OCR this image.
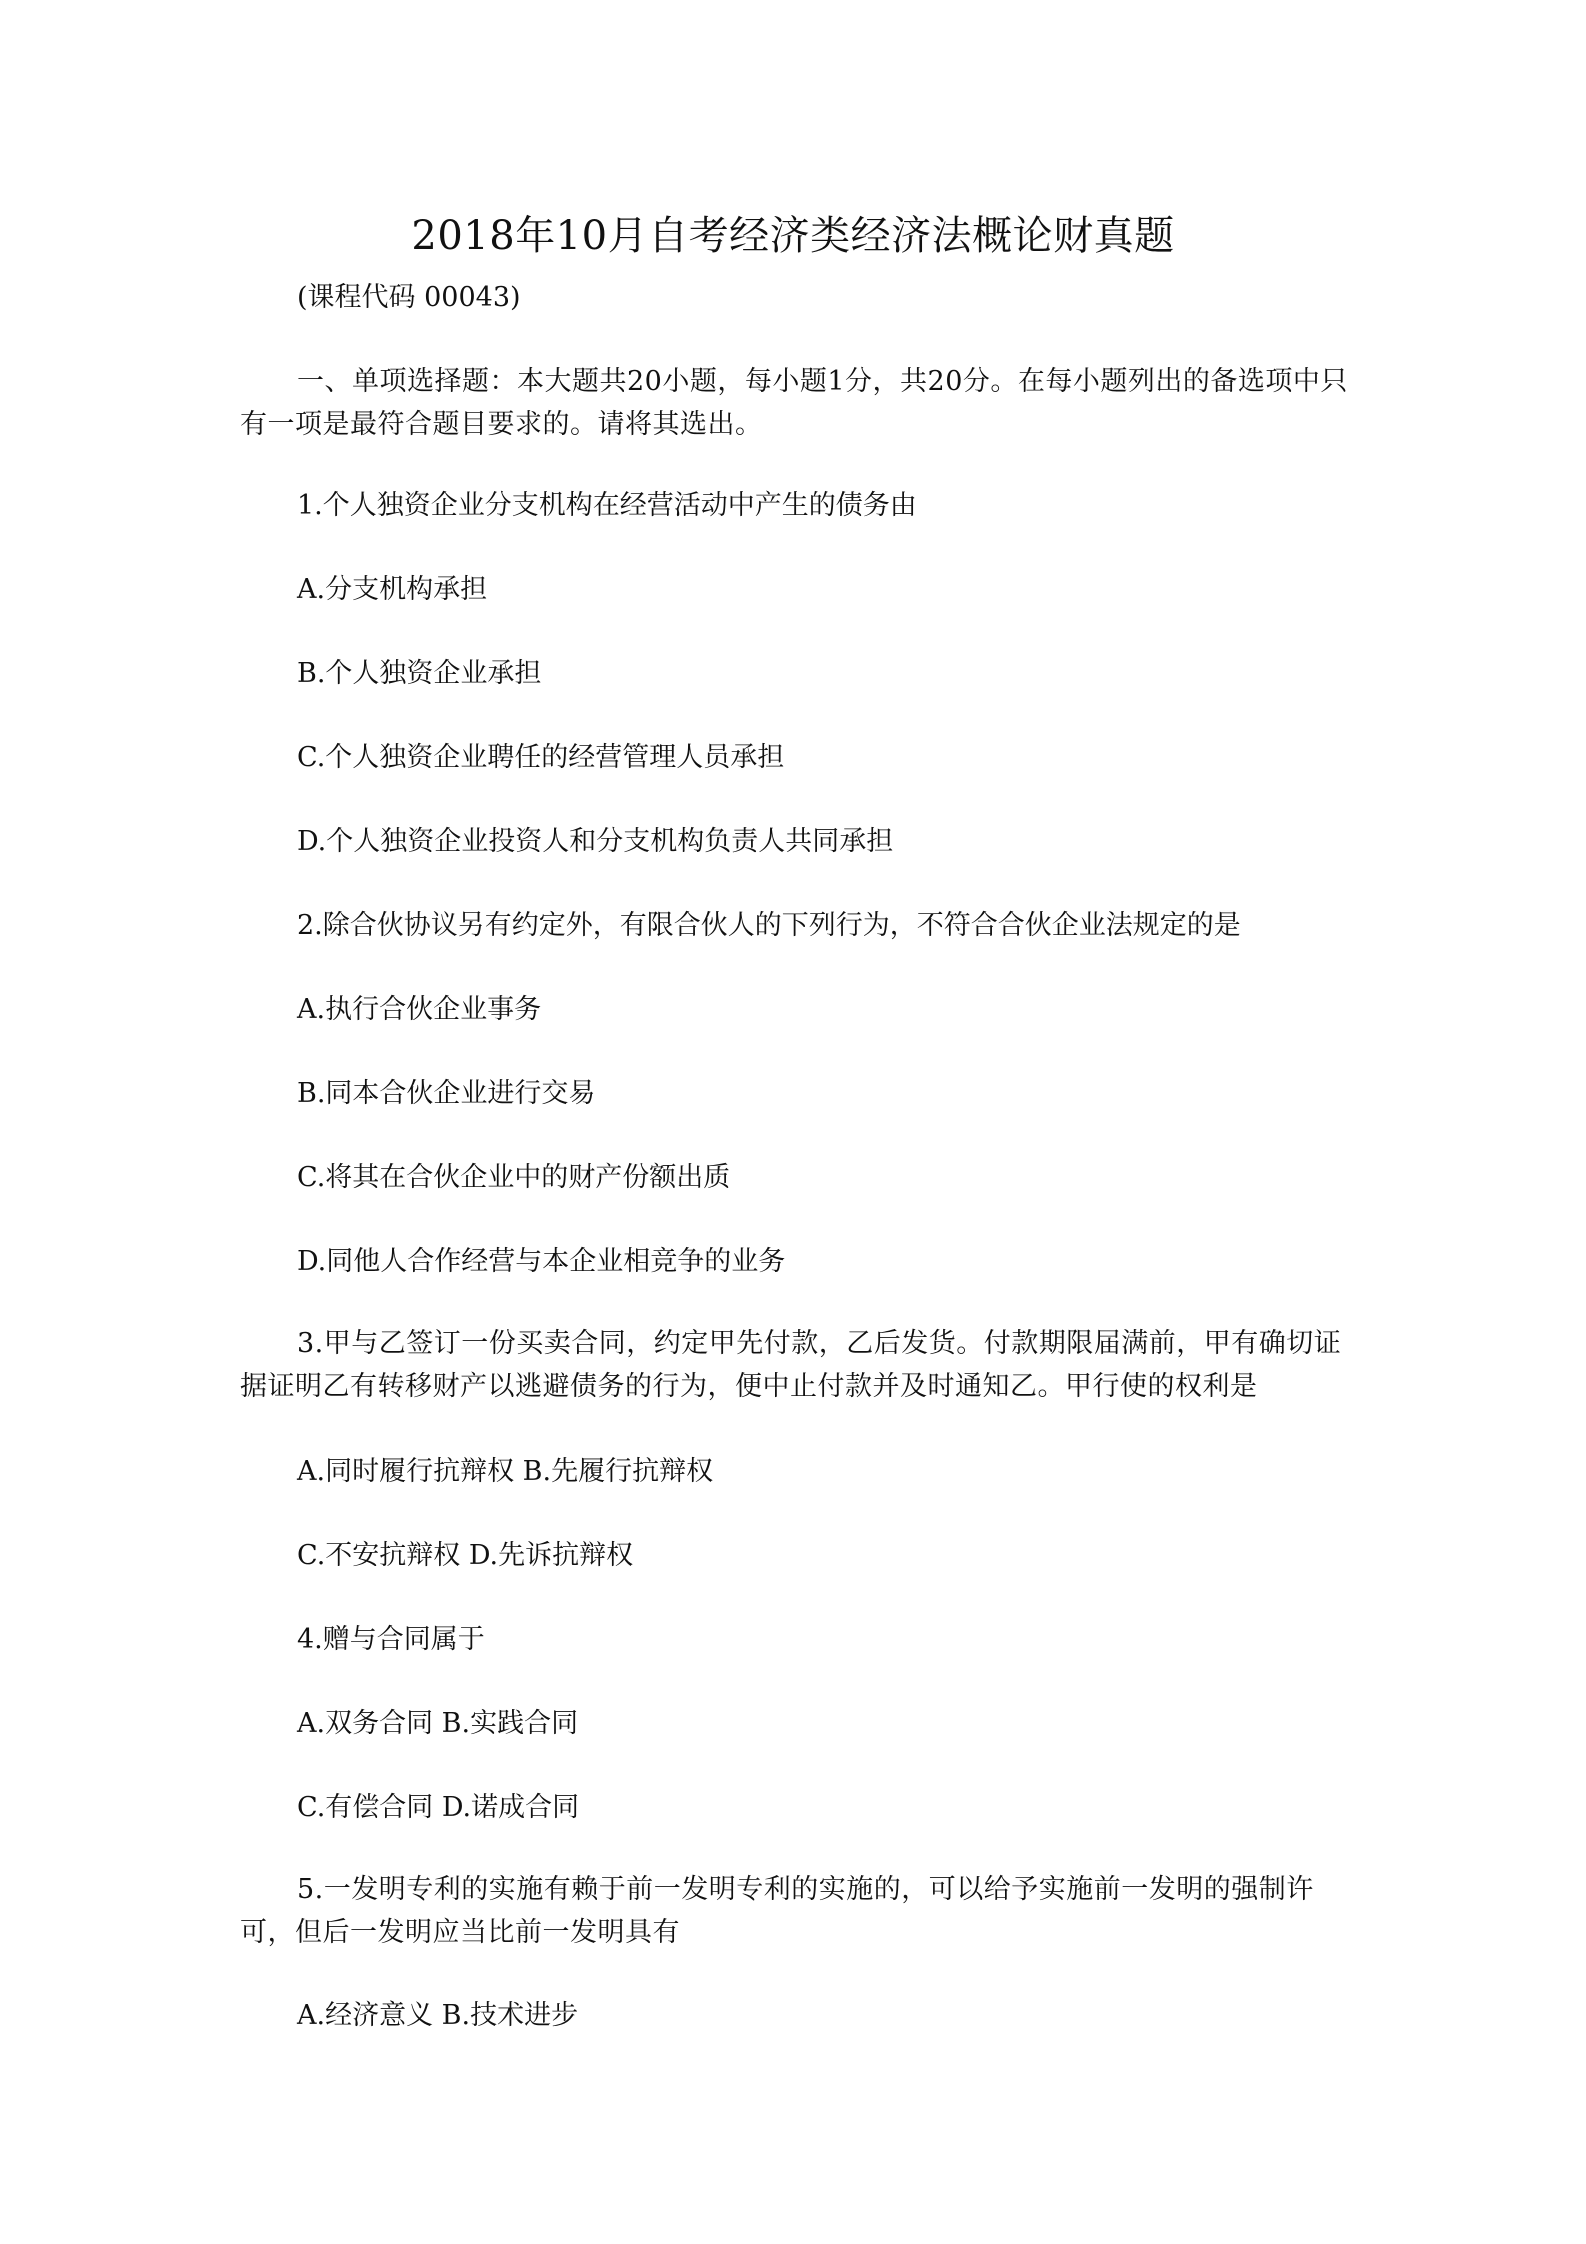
2018年10月自考经济类经济法概论财真题

(课程代码 00043)

一、单项选择题：本大题共20小题，每小题1分，共20分。在每小题列出的备选项中只有一项是最符合题目要求的。请将其选出。

1.个人独资企业分支机构在经营活动中产生的债务由

A.分支机构承担

B.个人独资企业承担

C.个人独资企业聘任的经营管理人员承担

D.个人独资企业投资人和分支机构负责人共同承担

2.除合伙协议另有约定外，有限合伙人的下列行为，不符合合伙企业法规定的是

A.执行合伙企业事务

B.同本合伙企业进行交易

C.将其在合伙企业中的财产份额出质

D.同他人合作经营与本企业相竞争的业务

3.甲与乙签订一份买卖合同，约定甲先付款，乙后发货。付款期限届满前，甲有确切证据证明乙有转移财产以逃避债务的行为，便中止付款并及时通知乙。甲行使的权利是

A.同时履行抗辩权 B.先履行抗辩权

C.不安抗辩权 D.先诉抗辩权

4.赠与合同属于

A.双务合同 B.实践合同

C.有偿合同 D.诺成合同

5.一发明专利的实施有赖于前一发明专利的实施的，可以给予实施前一发明的强制许可，但后一发明应当比前一发明具有

A.经济意义 B.技术进步
